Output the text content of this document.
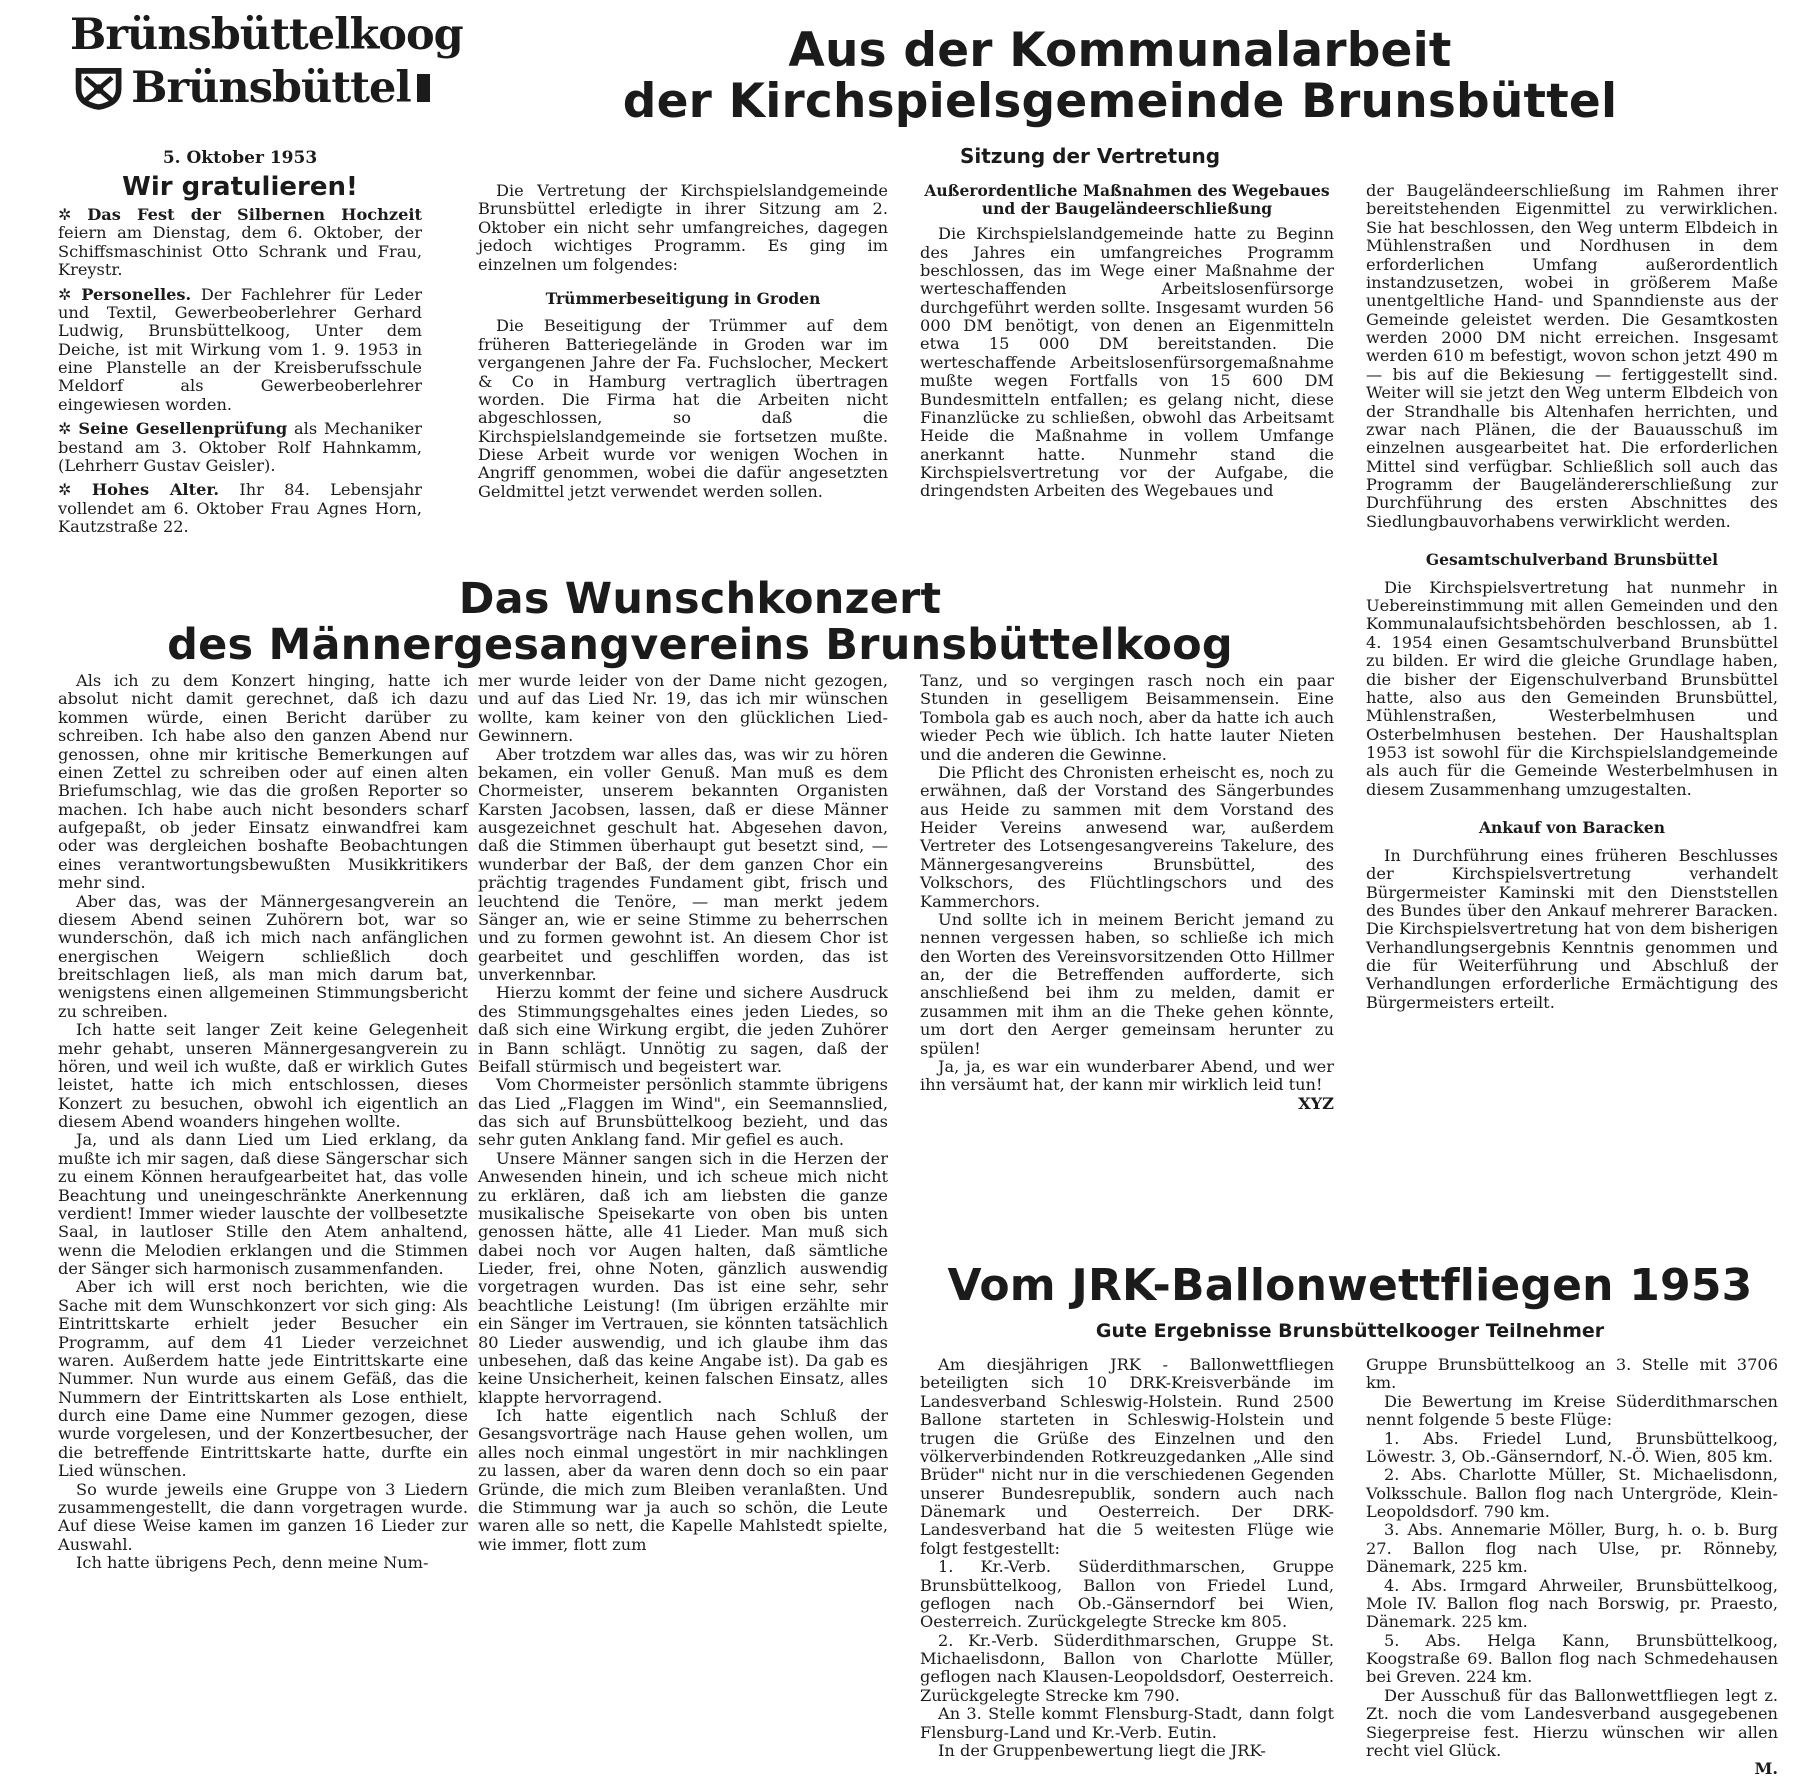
Brünsbüttelkoog
Brünsbüttel
5. Oktober 1953
Wir gratulieren!

✲ Das Fest der Silbernen Hochzeit feiern am Dienstag, dem 6. Oktober, der Schiffsmaschinist Otto Schrank und Frau, Kreystr.

✲ Personelles. Der Fachlehrer für Leder und Textil, Gewerbeoberlehrer Gerhard Ludwig, Brunsbüttelkoog, Unter dem Deiche, ist mit Wirkung vom 1. 9. 1953 in eine Planstelle an der Kreisberufsschule Meldorf als Gewerbeoberlehrer eingewiesen worden.

✲ Seine Gesellenprüfung als Mechaniker bestand am 3. Oktober Rolf Hahnkamm, (Lehrherr Gustav Geisler).

✲ Hohes Alter. Ihr 84. Lebensjahr vollendet am 6. Oktober Frau Agnes Horn, Kautzstraße 22.

Aus der Kommunalarbeit
der Kirchspielsgemeinde Brunsbüttel
Sitzung der Vertretung

Die Vertretung der Kirchspielslandgemeinde Brunsbüttel erledigte in ihrer Sitzung am 2. Oktober ein nicht sehr umfangreiches, dagegen jedoch wichtiges Programm. Es ging im einzelnen um folgendes:

Trümmerbeseitigung in Groden

Die Beseitigung der Trümmer auf dem früheren Batteriegelände in Groden war im vergangenen Jahre der Fa. Fuchslocher, Meckert & Co in Hamburg vertraglich übertragen worden. Die Firma hat die Arbeiten nicht abgeschlossen, so daß die Kirchspielslandgemeinde sie fortsetzen mußte. Diese Arbeit wurde vor wenigen Wochen in Angriff genommen, wobei die dafür angesetzten Geldmittel jetzt verwendet werden sollen.

Außerordentliche Maßnahmen des Wegebaues und der Baugeländeerschließung

Die Kirchspielslandgemeinde hatte zu Beginn des Jahres ein umfangreiches Programm beschlossen, das im Wege einer Maßnahme der werteschaffenden Arbeitslosenfürsorge durchgeführt werden sollte. Insgesamt wurden 56 000 DM benötigt, von denen an Eigenmitteln etwa 15 000 DM bereitstanden. Die werteschaffende Arbeitslosenfürsorgemaßnahme mußte wegen Fortfalls von 15 600 DM Bundesmitteln entfallen; es gelang nicht, diese Finanzlücke zu schließen, obwohl das Arbeitsamt Heide die Maßnahme in vollem Umfange anerkannt hatte. Nunmehr stand die Kirchspielsvertretung vor der Aufgabe, die dringendsten Arbeiten des Wegebaues und

der Baugeländeerschließung im Rahmen ihrer bereitstehenden Eigenmittel zu verwirklichen. Sie hat beschlossen, den Weg unterm Elbdeich in Mühlenstraßen und Nordhusen in dem erforderlichen Umfang außerordentlich instandzusetzen, wobei in größerem Maße unentgeltliche Hand- und Spanndienste aus der Gemeinde geleistet werden. Die Gesamtkosten werden 2000 DM nicht erreichen. Insgesamt werden 610 m befestigt, wovon schon jetzt 490 m — bis auf die Bekiesung — fertiggestellt sind. Weiter will sie jetzt den Weg unterm Elbdeich von der Strandhalle bis Altenhafen herrichten, und zwar nach Plänen, die der Bauausschuß im einzelnen ausgearbeitet hat. Die erforderlichen Mittel sind verfügbar. Schließlich soll auch das Programm der Baugeländererschließung zur Durchführung des ersten Abschnittes des Siedlungbauvorhabens verwirklicht werden.

Gesamtschulverband Brunsbüttel

Die Kirchspielsvertretung hat nunmehr in Uebereinstimmung mit allen Gemeinden und den Kommunalaufsichtsbehörden beschlossen, ab 1. 4. 1954 einen Gesamtschulverband Brunsbüttel zu bilden. Er wird die gleiche Grundlage haben, die bisher der Eigenschulverband Brunsbüttel hatte, also aus den Gemeinden Brunsbüttel, Mühlenstraßen, Westerbelmhusen und Osterbelmhusen bestehen. Der Haushaltsplan 1953 ist sowohl für die Kirchspielslandgemeinde als auch für die Gemeinde Westerbelmhusen in diesem Zusammenhang umzugestalten.

Ankauf von Baracken

In Durchführung eines früheren Beschlusses der Kirchspielsvertretung verhandelt Bürgermeister Kaminski mit den Dienststellen des Bundes über den Ankauf mehrerer Baracken. Die Kirchspielsvertretung hat von dem bisherigen Verhandlungsergebnis Kenntnis genommen und die für Weiterführung und Abschluß der Verhandlungen erforderliche Ermächtigung des Bürgermeisters erteilt.

Das Wunschkonzert
des Männergesangvereins Brunsbüttelkoog

Als ich zu dem Konzert hinging, hatte ich absolut nicht damit gerechnet, daß ich dazu kommen würde, einen Bericht darüber zu schreiben. Ich habe also den ganzen Abend nur genossen, ohne mir kritische Bemerkungen auf einen Zettel zu schreiben oder auf einen alten Briefumschlag, wie das die großen Reporter so machen. Ich habe auch nicht besonders scharf aufgepaßt, ob jeder Einsatz einwandfrei kam oder was dergleichen boshafte Beobachtungen eines verantwortungsbewußten Musikkritikers mehr sind.

Aber das, was der Männergesangverein an diesem Abend seinen Zuhörern bot, war so wunderschön, daß ich mich nach anfänglichen energischen Weigern schließlich doch breitschlagen ließ, als man mich darum bat, wenigstens einen allgemeinen Stimmungsbericht zu schreiben.

Ich hatte seit langer Zeit keine Gelegenheit mehr gehabt, unseren Männergesangverein zu hören, und weil ich wußte, daß er wirklich Gutes leistet, hatte ich mich entschlossen, dieses Konzert zu besuchen, obwohl ich eigentlich an diesem Abend woanders hingehen wollte.

Ja, und als dann Lied um Lied erklang, da mußte ich mir sagen, daß diese Sängerschar sich zu einem Können heraufgearbeitet hat, das volle Beachtung und uneingeschränkte Anerkennung verdient! Immer wieder lauschte der vollbesetzte Saal, in lautloser Stille den Atem anhaltend, wenn die Melodien erklangen und die Stimmen der Sänger sich harmonisch zusammenfanden.

Aber ich will erst noch berichten, wie die Sache mit dem Wunschkonzert vor sich ging: Als Eintrittskarte erhielt jeder Besucher ein Programm, auf dem 41 Lieder verzeichnet waren. Außerdem hatte jede Eintrittskarte eine Nummer. Nun wurde aus einem Gefäß, das die Nummern der Eintrittskarten als Lose enthielt, durch eine Dame eine Nummer gezogen, diese wurde vorgelesen, und der Konzertbesucher, der die betreffende Eintrittskarte hatte, durfte ein Lied wünschen.

So wurde jeweils eine Gruppe von 3 Liedern zusammengestellt, die dann vorgetragen wurde. Auf diese Weise kamen im ganzen 16 Lieder zur Auswahl.

Ich hatte übrigens Pech, denn meine Num-

mer wurde leider von der Dame nicht gezogen, und auf das Lied Nr. 19, das ich mir wünschen wollte, kam keiner von den glücklichen Lied-Gewinnern.

Aber trotzdem war alles das, was wir zu hören bekamen, ein voller Genuß. Man muß es dem Chormeister, unserem bekannten Organisten Karsten Jacobsen, lassen, daß er diese Männer ausgezeichnet geschult hat. Abgesehen davon, daß die Stimmen überhaupt gut besetzt sind, — wunderbar der Baß, der dem ganzen Chor ein prächtig tragendes Fundament gibt, frisch und leuchtend die Tenöre, — man merkt jedem Sänger an, wie er seine Stimme zu beherrschen und zu formen gewohnt ist. An diesem Chor ist gearbeitet und geschliffen worden, das ist unverkennbar.

Hierzu kommt der feine und sichere Ausdruck des Stimmungsgehaltes eines jeden Liedes, so daß sich eine Wirkung ergibt, die jeden Zuhörer in Bann schlägt. Unnötig zu sagen, daß der Beifall stürmisch und begeistert war.

Vom Chormeister persönlich stammte übrigens das Lied „Flaggen im Wind", ein Seemannslied, das sich auf Brunsbüttelkoog bezieht, und das sehr guten Anklang fand. Mir gefiel es auch.

Unsere Männer sangen sich in die Herzen der Anwesenden hinein, und ich scheue mich nicht zu erklären, daß ich am liebsten die ganze musikalische Speisekarte von oben bis unten genossen hätte, alle 41 Lieder. Man muß sich dabei noch vor Augen halten, daß sämtliche Lieder, frei, ohne Noten, gänzlich auswendig vorgetragen wurden. Das ist eine sehr, sehr beachtliche Leistung! (Im übrigen erzählte mir ein Sänger im Vertrauen, sie könnten tatsächlich 80 Lieder auswendig, und ich glaube ihm das unbesehen, daß das keine Angabe ist). Da gab es keine Unsicherheit, keinen falschen Einsatz, alles klappte hervorragend.

Ich hatte eigentlich nach Schluß der Gesangsvorträge nach Hause gehen wollen, um alles noch einmal ungestört in mir nachklingen zu lassen, aber da waren denn doch so ein paar Gründe, die mich zum Bleiben veranlaßten. Und die Stimmung war ja auch so schön, die Leute waren alle so nett, die Kapelle Mahlstedt spielte, wie immer, flott zum

Tanz, und so vergingen rasch noch ein paar Stunden in geselligem Beisammensein. Eine Tombola gab es auch noch, aber da hatte ich auch wieder Pech wie üblich. Ich hatte lauter Nieten und die anderen die Gewinne.

Die Pflicht des Chronisten erheischt es, noch zu erwähnen, daß der Vorstand des Sängerbundes aus Heide zu sammen mit dem Vorstand des Heider Vereins anwesend war, außerdem Vertreter des Lotsengesangvereins Takelure, des Männergesangvereins Brunsbüttel, des Volkschors, des Flüchtlingschors und des Kammerchors.

Und sollte ich in meinem Bericht jemand zu nennen vergessen haben, so schließe ich mich den Worten des Vereinsvorsitzenden Otto Hillmer an, der die Betreffenden aufforderte, sich anschließend bei ihm zu melden, damit er zusammen mit ihm an die Theke gehen könnte, um dort den Aerger gemeinsam herunter zu spülen!

Ja, ja, es war ein wunderbarer Abend, und wer ihn versäumt hat, der kann mir wirklich leid tun!

XYZ

Vom JRK-Ballonwettfliegen 1953
Gute Ergebnisse Brunsbüttelkooger Teilnehmer

Am diesjährigen JRK - Ballonwettfliegen beteiligten sich 10 DRK-Kreisverbände im Landesverband Schleswig-Holstein. Rund 2500 Ballone starteten in Schleswig-Holstein und trugen die Grüße des Einzelnen und den völkerverbindenden Rotkreuzgedanken „Alle sind Brüder" nicht nur in die verschiedenen Gegenden unserer Bundesrepublik, sondern auch nach Dänemark und Oesterreich. Der DRK-Landesverband hat die 5 weitesten Flüge wie folgt festgestellt:

1. Kr.-Verb. Süderdithmarschen, Gruppe Brunsbüttelkoog, Ballon von Friedel Lund, geflogen nach Ob.-Gänserndorf bei Wien, Oesterreich. Zurückgelegte Strecke km 805.

2. Kr.-Verb. Süderdithmarschen, Gruppe St. Michaelisdonn, Ballon von Charlotte Müller, geflogen nach Klausen-Leopoldsdorf, Oesterreich. Zurückgelegte Strecke km 790.

An 3. Stelle kommt Flensburg-Stadt, dann folgt Flensburg-Land und Kr.-Verb. Eutin.

In der Gruppenbewertung liegt die JRK-

Gruppe Brunsbüttelkoog an 3. Stelle mit 3706 km.

Die Bewertung im Kreise Süderdithmarschen nennt folgende 5 beste Flüge:

1. Abs. Friedel Lund, Brunsbüttelkoog, Löwestr. 3, Ob.-Gänserndorf, N.-Ö. Wien, 805 km.

2. Abs. Charlotte Müller, St. Michaelisdonn, Volksschule. Ballon flog nach Untergröde, Klein-Leopoldsdorf. 790 km.

3. Abs. Annemarie Möller, Burg, h. o. b. Burg 27. Ballon flog nach Ulse, pr. Rönneby, Dänemark, 225 km.

4. Abs. Irmgard Ahrweiler, Brunsbüttelkoog, Mole IV. Ballon flog nach Borswig, pr. Praesto, Dänemark. 225 km.

5. Abs. Helga Kann, Brunsbüttelkoog, Koogstraße 69. Ballon flog nach Schmedehausen bei Greven. 224 km.

Der Ausschuß für das Ballonwettfliegen legt z. Zt. noch die vom Landesverband ausgegebenen Siegerpreise fest. Hierzu wünschen wir allen recht viel Glück.

M.
